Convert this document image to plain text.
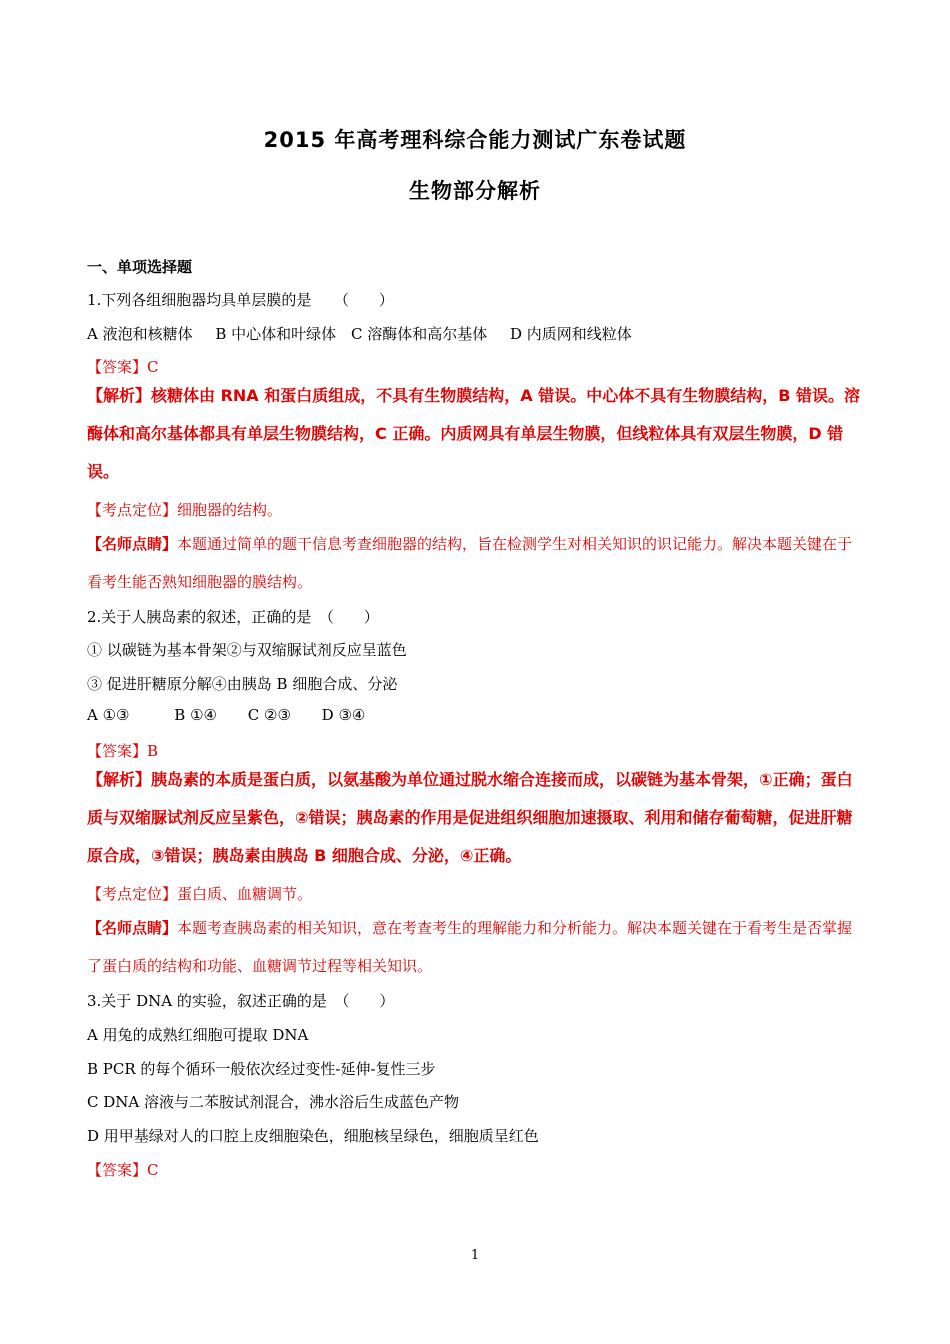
2015 年高考理科综合能力测试广东卷试题
生物部分解析
一、单项选择题
1.下列各组细胞器均具单层膜的是　　（　　）
A 液泡和核糖体 B 中心体和叶绿体 C 溶酶体和高尔基体 D 内质网和线粒体
【答案】C
【解析】核糖体由 RNA 和蛋白质组成，不具有生物膜结构，A 错误。中心体不具有生物膜结构，B 错误。溶酶体和高尔基体都具有单层生物膜结构，C 正确。内质网具有单层生物膜，但线粒体具有双层生物膜，D 错误。
【考点定位】细胞器的结构。
【名师点睛】本题通过简单的题干信息考查细胞器的结构，旨在检测学生对相关知识的识记能力。解决本题关键在于看考生能否熟知细胞器的膜结构。
2.关于人胰岛素的叙述，正确的是　（　　）
① 以碳链为基本骨架②与双缩脲试剂反应呈蓝色
③ 促进肝糖原分解④由胰岛 B 细胞合成、分泌
A ①③	B ①④ C ②③ D ③④
【答案】B
【解析】胰岛素的本质是蛋白质，以氨基酸为单位通过脱水缩合连接而成，以碳链为基本骨架，①正确；蛋白质与双缩脲试剂反应呈紫色，②错误；胰岛素的作用是促进组织细胞加速摄取、利用和储存葡萄糖，促进肝糖原合成，③错误；胰岛素由胰岛 B 细胞合成、分泌，④正确。
【考点定位】蛋白质、血糖调节。
【名师点睛】本题考查胰岛素的相关知识，意在考查考生的理解能力和分析能力。解决本题关键在于看考生是否掌握了蛋白质的结构和功能、血糖调节过程等相关知识。
3.关于 DNA 的实验，叙述正确的是　（　　）
A 用兔的成熟红细胞可提取 DNA
B PCR 的每个循环一般依次经过变性-延伸-复性三步
C DNA 溶液与二苯胺试剂混合，沸水浴后生成蓝色产物
D 用甲基绿对人的口腔上皮细胞染色，细胞核呈绿色，细胞质呈红色
【答案】C
1
